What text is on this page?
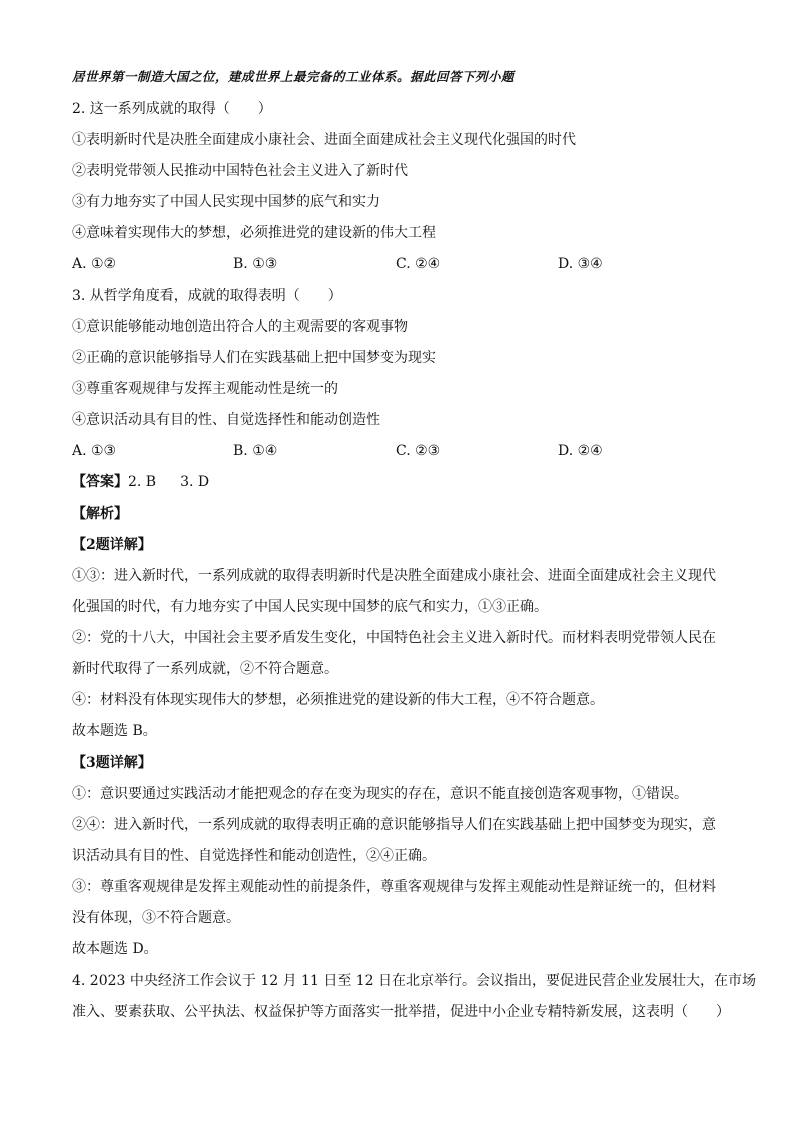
居世界第一制造大国之位，建成世界上最完备的工业体系。据此回答下列小题
2. 这一系列成就的取得（　　）
①表明新时代是决胜全面建成小康社会、进面全面建成社会主义现代化强国的时代
②表明党带领人民推动中国特色社会主义进入了新时代
③有力地夯实了中国人民实现中国梦的底气和实力
④意味着实现伟大的梦想，必须推进党的建设新的伟大工程
A. ①②	B. ①③	C. ②④	D. ③④
3. 从哲学角度看，成就的取得表明（　　）
①意识能够能动地创造出符合人的主观需要的客观事物
②正确的意识能够指导人们在实践基础上把中国梦变为现实
③尊重客观规律与发挥主观能动性是统一的
④意识活动具有目的性、自觉选择性和能动创造性
A. ①③	B. ①④	C. ②③	D. ②④
【答案】2. B 3. D
【解析】
【2题详解】
①③：进入新时代，一系列成就的取得表明新时代是决胜全面建成小康社会、进面全面建成社会主义现代
化强国的时代，有力地夯实了中国人民实现中国梦的底气和实力，①③正确。
②：党的十八大，中国社会主要矛盾发生变化，中国特色社会主义进入新时代。而材料表明党带领人民在
新时代取得了一系列成就，②不符合题意。
④：材料没有体现实现伟大的梦想，必须推进党的建设新的伟大工程，④不符合题意。
故本题选 B。
【3题详解】
①：意识要通过实践活动才能把观念的存在变为现实的存在，意识不能直接创造客观事物，①错误。
②④：进入新时代，一系列成就的取得表明正确的意识能够指导人们在实践基础上把中国梦变为现实，意
识活动具有目的性、自觉选择性和能动创造性，②④正确。
③：尊重客观规律是发挥主观能动性的前提条件，尊重客观规律与发挥主观能动性是辩证统一的，但材料
没有体现，③不符合题意。
故本题选 D。
4. 2023 中央经济工作会议于 12 月 11 日至 12 日在北京举行。会议指出，要促进民营企业发展壮大，在市场
准入、要素获取、公平执法、权益保护等方面落实一批举措，促进中小企业专精特新发展，这表明（　　）
